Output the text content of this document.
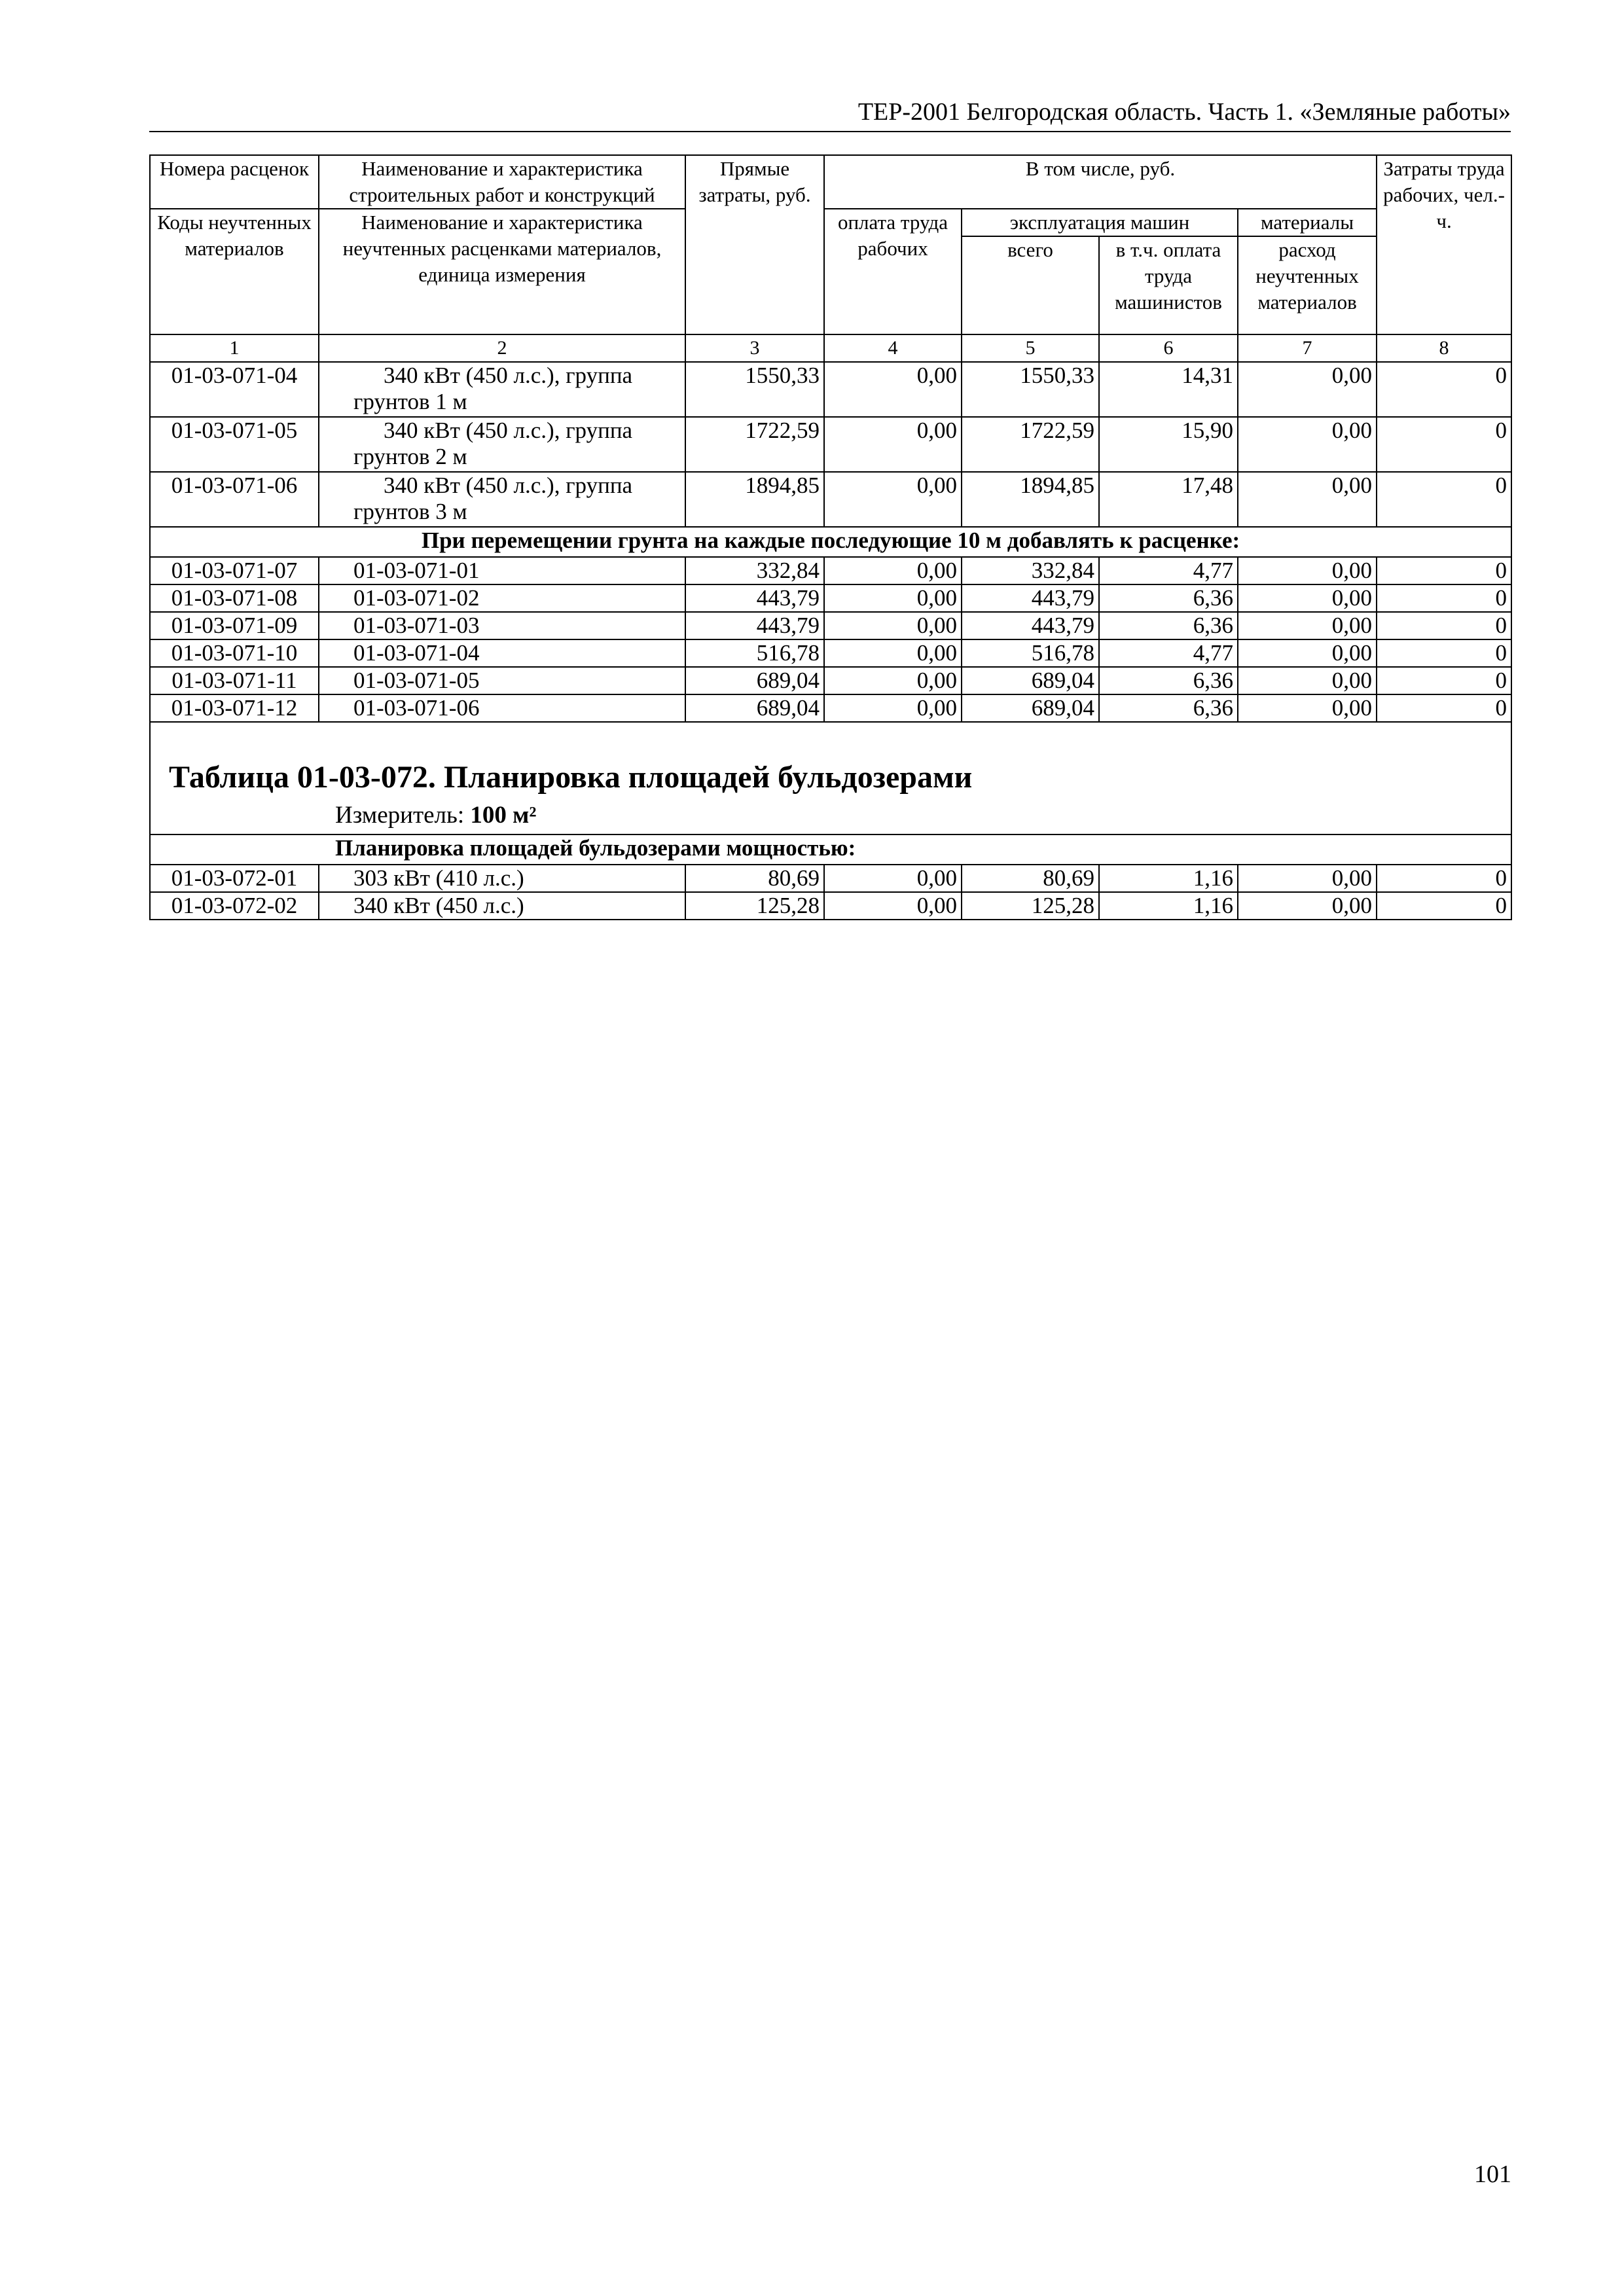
ТЕР-2001 Белгородская область. Часть 1. «Земляные работы»
Номера расценок	Наименование и характеристика строительных работ и конструкций	Прямые затраты, руб.	В том числе, руб.				Затраты труда рабочих, чел.-ч.
Коды неучтенных материалов	Наименование и характеристика неучтенных расценками материалов, единица измерения		оплата труда рабочих	эксплуатация машин		материалы	
				всего	в т.ч. оплата труда машинистов	расход неучтенных материалов	
1	2	3	4	5	6	7	8
01-03-071-04	340 кВт (450 л.с.), группа грунтов 1 м	1550,33	0,00	1550,33	14,31	0,00	0
01-03-071-05	340 кВт (450 л.с.), группа грунтов 2 м	1722,59	0,00	1722,59	15,90	0,00	0
01-03-071-06	340 кВт (450 л.с.), группа грунтов 3 м	1894,85	0,00	1894,85	17,48	0,00	0
При перемещении грунта на каждые последующие 10 м добавлять к расценке:							
01-03-071-07	01-03-071-01	332,84	0,00	332,84	4,77	0,00	0
01-03-071-08	01-03-071-02	443,79	0,00	443,79	6,36	0,00	0
01-03-071-09	01-03-071-03	443,79	0,00	443,79	6,36	0,00	0
01-03-071-10	01-03-071-04	516,78	0,00	516,78	4,77	0,00	0
01-03-071-11	01-03-071-05	689,04	0,00	689,04	6,36	0,00	0
01-03-071-12	01-03-071-06	689,04	0,00	689,04	6,36	0,00	0

Таблица 01-03-072. Планировка площадей бульдозерами
Измеритель: 100 м²							

Планировка площадей бульдозерами мощностью:							
01-03-072-01	303 кВт (410 л.с.)	80,69	0,00	80,69	1,16	0,00	0
01-03-072-02	340 кВт (450 л.с.)	125,28	0,00	125,28	1,16	0,00	0
101
